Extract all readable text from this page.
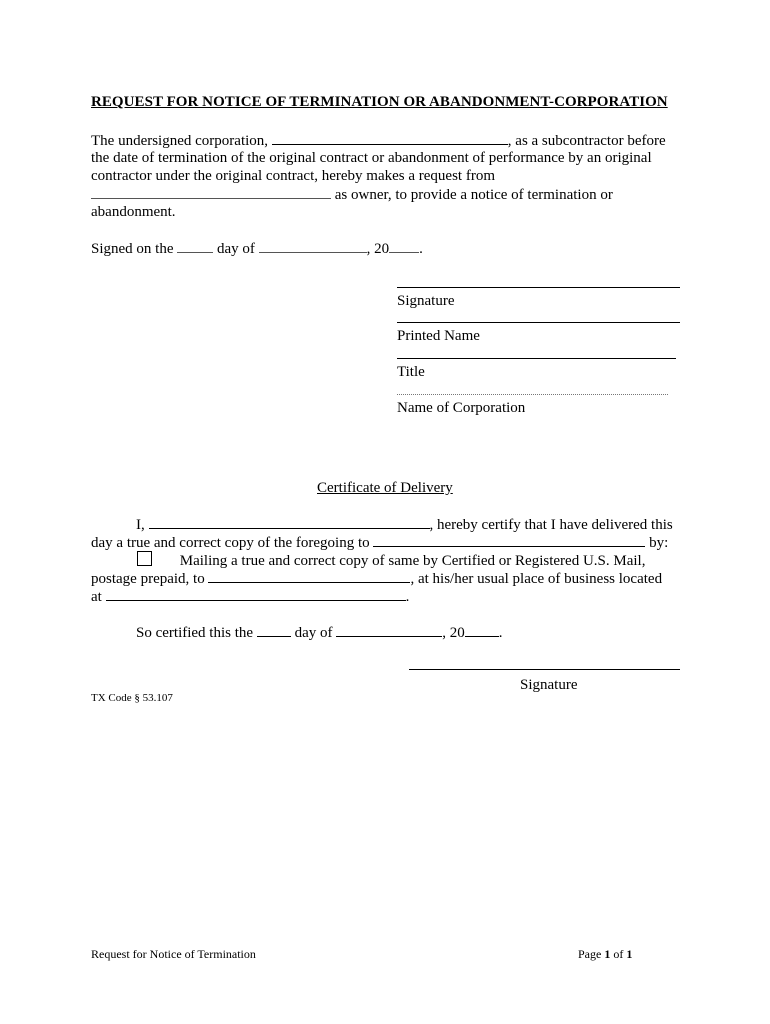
REQUEST FOR NOTICE OF TERMINATION OR ABANDONMENT-CORPORATION
The undersigned corporation,	, as a subcontractor before
the date of termination of the original contract or abandonment of performance by an original
contractor under the original contract, hereby makes a request from
as owner, to provide a notice of termination or
abandonment.
Signed on the	day of	, 20 .
Signature
Printed Name
Title
Name of Corporation
Certificate of Delivery
I,	, hereby certify that I have delivered this
day a true and correct copy of the foregoing to	by:
Mailing a true and correct copy of same by Certified or Registered U.S. Mail,
postage prepaid, to	, at his/her usual place of business located
at	.
So certified this the	day of	, 20 .
Signature
TX Code § 53.107
Request for Notice of Termination	Page 1 of 1
